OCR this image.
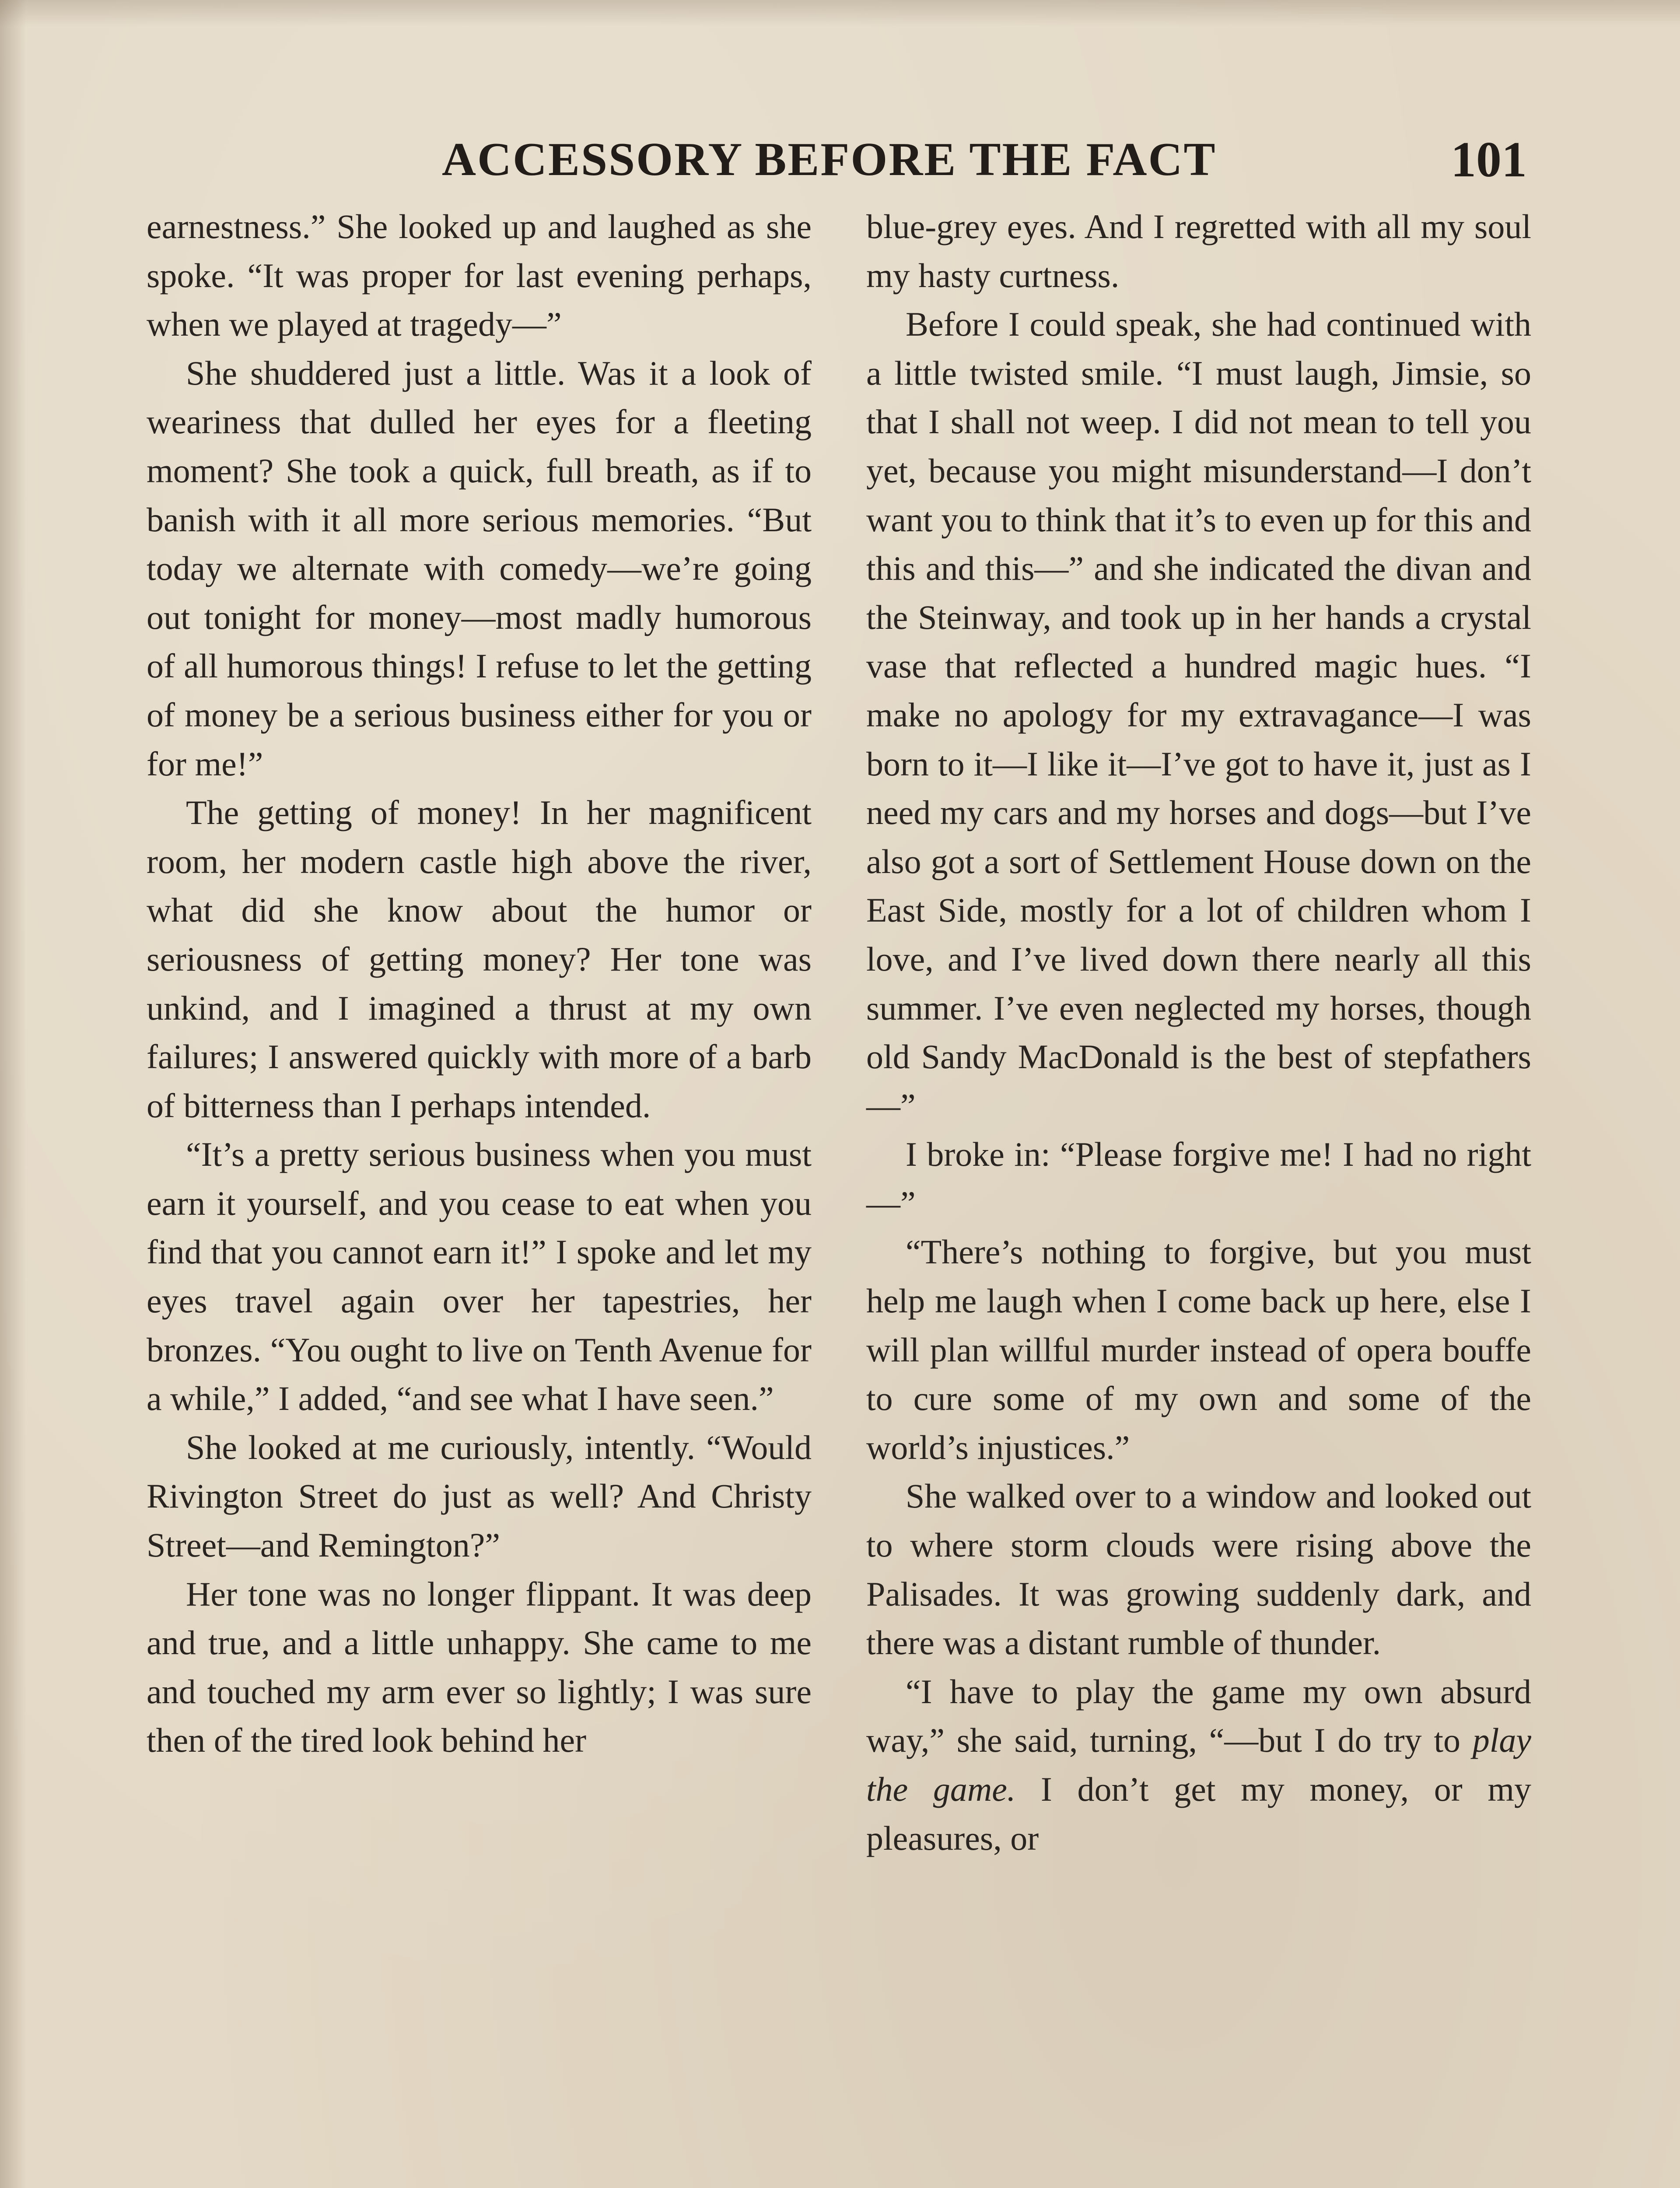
ACCESSORY BEFORE THE FACT	101

earnestness.” She looked up and laughed as she spoke. “It was proper for last evening perhaps, when we played at tragedy—”

She shuddered just a little. Was it a look of weariness that dulled her eyes for a fleeting moment? She took a quick, full breath, as if to banish with it all more serious memories. “But today we alternate with comedy—we’re going out tonight for money—most madly humorous of all humorous things! I refuse to let the getting of money be a serious business either for you or for me!”

The getting of money! In her magnificent room, her modern castle high above the river, what did she know about the humor or seriousness of getting money? Her tone was unkind, and I imagined a thrust at my own failures; I answered quickly with more of a barb of bitterness than I perhaps intended.

“It’s a pretty serious business when you must earn it yourself, and you cease to eat when you find that you cannot earn it!” I spoke and let my eyes travel again over her tapestries, her bronzes. “You ought to live on Tenth Avenue for a while,” I added, “and see what I have seen.”

She looked at me curiously, intently. “Would Rivington Street do just as well? And Christy Street—and Remington?”

Her tone was no longer flippant. It was deep and true, and a little unhappy. She came to me and touched my arm ever so lightly; I was sure then of the tired look behind her

blue-grey eyes. And I regretted with all my soul my hasty curtness.

Before I could speak, she had continued with a little twisted smile. “I must laugh, Jimsie, so that I shall not weep. I did not mean to tell you yet, because you might misunderstand—I don’t want you to think that it’s to even up for this and this and this—” and she indicated the divan and the Steinway, and took up in her hands a crystal vase that reflected a hundred magic hues. “I make no apology for my extravagance—I was born to it—I like it—I’ve got to have it, just as I need my cars and my horses and dogs—but I’ve also got a sort of Settlement House down on the East Side, mostly for a lot of children whom I love, and I’ve lived down there nearly all this summer. I’ve even neglected my horses, though old Sandy MacDonald is the best of stepfathers—”

I broke in: “Please forgive me! I had no right—”

“There’s nothing to forgive, but you must help me laugh when I come back up here, else I will plan willful murder instead of opera bouffe to cure some of my own and some of the world’s injustices.”

She walked over to a window and looked out to where storm clouds were rising above the Palisades. It was growing suddenly dark, and there was a distant rumble of thunder.

“I have to play the game my own absurd way,” she said, turning, “—but I do try to play the game. I don’t get my money, or my pleasures, or
